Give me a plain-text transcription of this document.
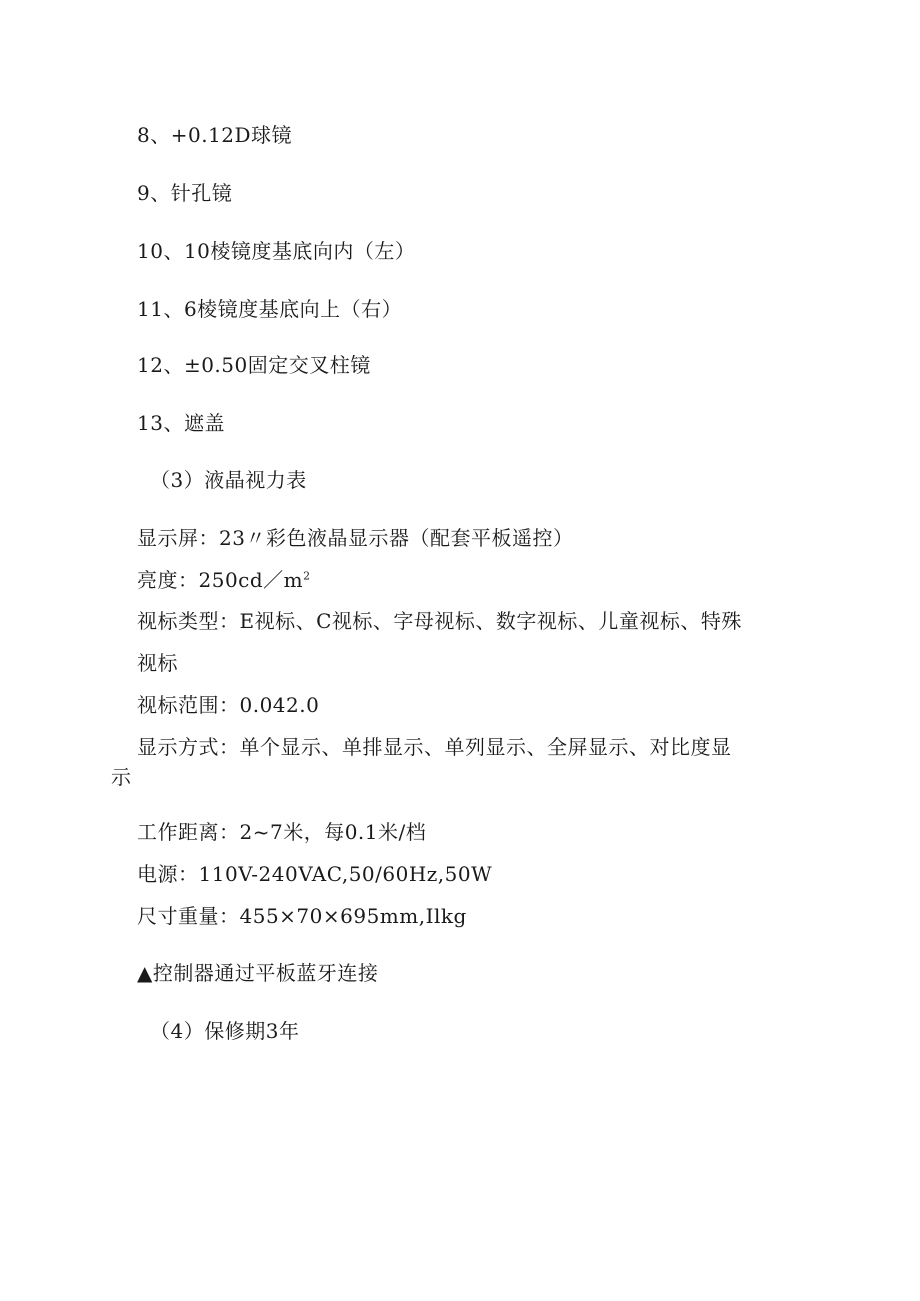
8、+0.12D球镜
9、针孔镜
10、10棱镜度基底向内（左）
11、6棱镜度基底向上（右）
12、±0.50固定交叉柱镜
13、遮盖
（3）液晶视力表
显示屏：23〃彩色液晶显示器（配套平板遥控）
亮度：$250cd/m^2$
视标类型：E视标、C视标、字母视标、数字视标、儿童视标、特殊
视标
视标范围：0.042.0
显示方式：单个显示、单排显示、单列显示、全屏显示、对比度显
示
工作距离：2~7米，每0.1米/档
电源：110V-240VAC,50/60Hz,50W
尺寸重量：455×70×695mm,Ilkg
▲控制器通过平板蓝牙连接
（4）保修期3年
